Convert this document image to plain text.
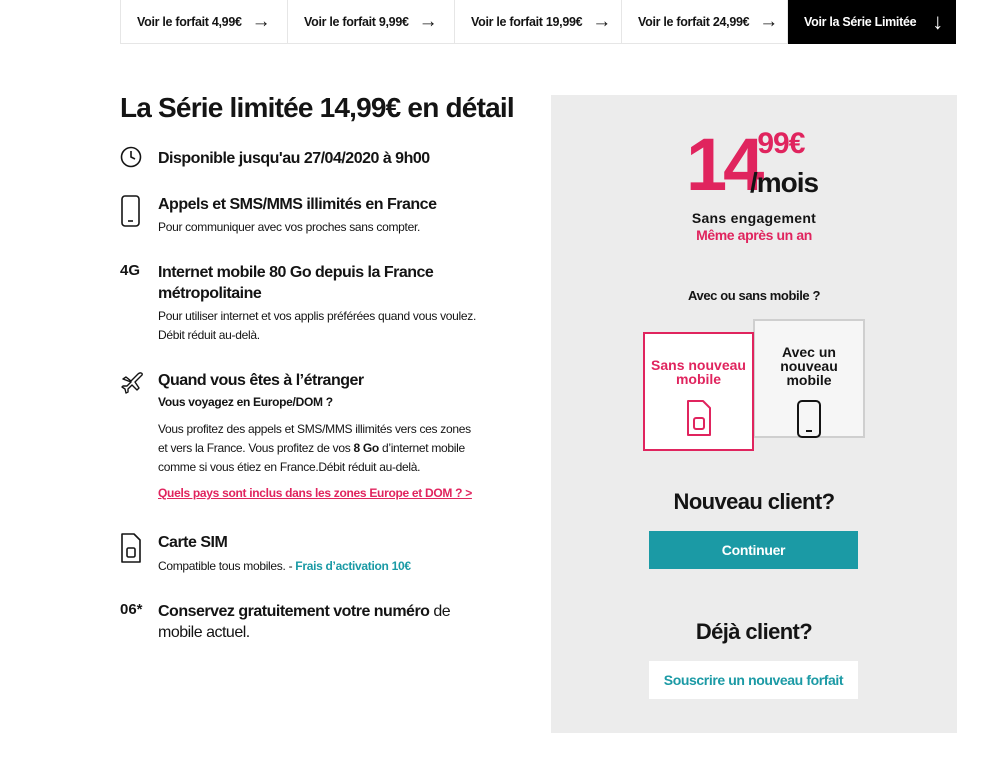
Voir le forfait 4,99€ →	Voir le forfait 9,99€ →	Voir le forfait 19,99€ → Voir le forfait 24,99€ → Voir la Série Limitée ↓
La Série limitée 14,99€ en détail
Disponible jusqu'au 27/04/2020 à 9h00
Appels et SMS/MMS illimités en France

Pour communiquer avec vos proches sans compter.

4G	Internet mobile 80 Go depuis la France métropolitaine

Pour utiliser internet et vos applis préférées quand vous voulez. Débit réduit au-delà.

Quand vous êtes à l’étranger

Vous voyagez en Europe/DOM ?

Vous profitez des appels et SMS/MMS illimités vers ces zones et vers la France. Vous profitez de vos 8 Go d’internet mobile comme si vous étiez en France.Débit réduit au-delà.

Quels pays sont inclus dans les zones Europe et DOM ? >

Carte SIM

Compatible tous mobiles. - Frais d’activation 10€

06* Conservez gratuitement votre numéro de mobile actuel.
14
,99€
/mois
Sans engagement
Même après un an
Avec ou sans mobile ?
Avec un nouveau mobile
Sans nouveau mobile
Nouveau client?
Continuer
Déjà client?
Souscrire un nouveau forfait
